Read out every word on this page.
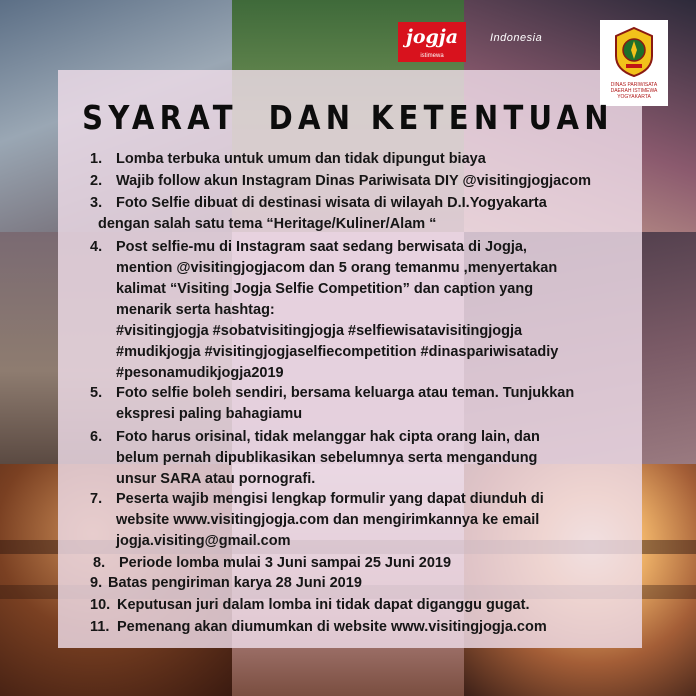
jogja
istimewa
Indonesia
DINAS PARIWISATA DAERAH ISTIMEWA YOGYAKARTA
SYARAT  DAN KETENTUAN
1. Lomba terbuka untuk umum dan tidak dipungut biaya
2. Wajib follow akun Instagram Dinas Pariwisata DIY @visitingjogjacom
3. Foto Selfie dibuat di destinasi wisata di wilayah D.I.Yogyakarta
dengan salah satu tema “Heritage/Kuliner/Alam “
4. Post selfie-mu di Instagram saat sedang berwisata di Jogja,
mention @visitingjogjacom dan 5 orang temanmu ,menyertakan
kalimat “Visiting Jogja Selfie Competition” dan caption yang
menarik serta hashtag:
#visitingjogja #sobatvisitingjogja #selfiewisatavisitingjogja
#mudikjogja #visitingjogjaselfiecompetition #dinaspariwisatadiy
#pesonamudikjogja2019
5. Foto selfie boleh sendiri, bersama keluarga atau teman. Tunjukkan
ekspresi paling bahagiamu
6. Foto harus orisinal, tidak melanggar hak cipta orang lain, dan
belum pernah dipublikasikan sebelumnya serta mengandung
unsur SARA atau pornografi.
7. Peserta wajib mengisi lengkap formulir yang dapat diunduh di
website www.visitingjogja.com dan mengirimkannya ke email
jogja.visiting@gmail.com
8. Periode lomba mulai 3 Juni sampai 25 Juni 2019
9. Batas pengiriman karya 28 Juni 2019
10. Keputusan juri dalam lomba ini tidak dapat diganggu gugat.
11. Pemenang akan diumumkan di website www.visitingjogja.com
